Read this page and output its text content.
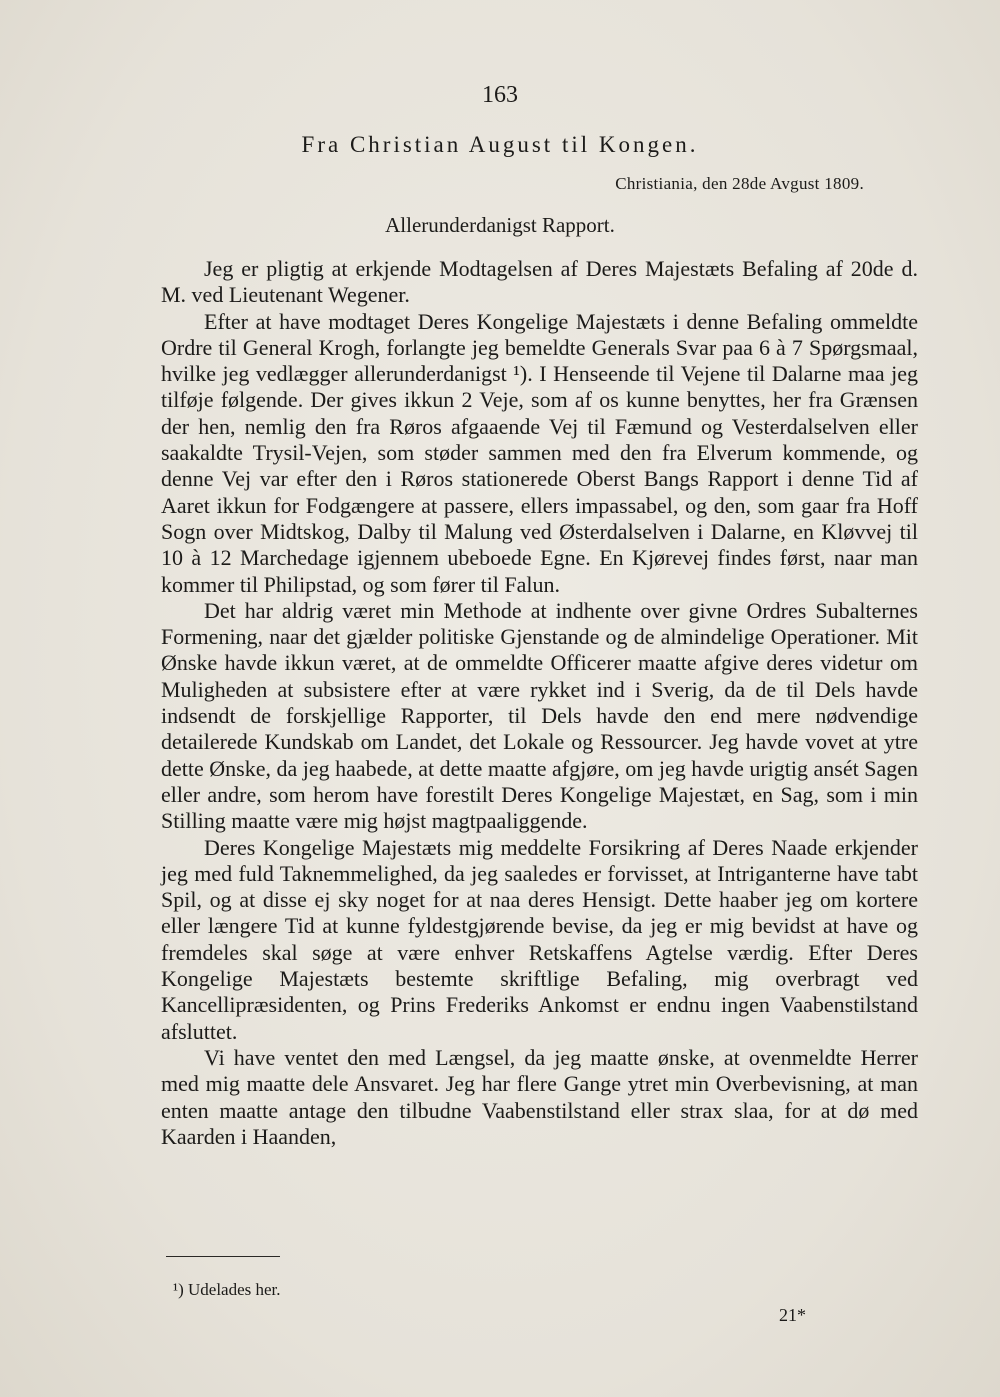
163
Fra Christian August til Kongen.
Christiania, den 28de Avgust 1809.
Allerunderdanigst Rapport.

Jeg er pligtig at erkjende Modtagelsen af Deres Majestæts Befaling af 20de d. M. ved Lieutenant Wegener.

Efter at have modtaget Deres Kongelige Majestæts i denne Befaling ommeldte Ordre til General Krogh, forlangte jeg bemeldte Generals Svar paa 6 à 7 Spørgsmaal, hvilke jeg vedlægger allerunderdanigst ¹). I Henseende til Vejene til Dalarne maa jeg tilføje følgende. Der gives ikkun 2 Veje, som af os kunne benyttes, her fra Grænsen der hen, nemlig den fra Røros afgaaende Vej til Fæmund og Vesterdalselven eller saakaldte Trysil-Vejen, som støder sammen med den fra Elverum kommende, og denne Vej var efter den i Røros stationerede Oberst Bangs Rapport i denne Tid af Aaret ikkun for Fodgængere at passere, ellers impassabel, og den, som gaar fra Hoff Sogn over Midtskog, Dalby til Malung ved Østerdalselven i Dalarne, en Kløvvej til 10 à 12 Marchedage igjennem ubeboede Egne. En Kjørevej findes først, naar man kommer til Philipstad, og som fører til Falun.

Det har aldrig været min Methode at indhente over givne Ordres Subalternes Formening, naar det gjælder politiske Gjenstande og de almindelige Operationer. Mit Ønske havde ikkun været, at de ommeldte Officerer maatte afgive deres videtur om Muligheden at subsistere efter at være rykket ind i Sverig, da de til Dels havde indsendt de forskjellige Rapporter, til Dels havde den end mere nødvendige detailerede Kundskab om Landet, det Lokale og Ressourcer. Jeg havde vovet at ytre dette Ønske, da jeg haabede, at dette maatte afgjøre, om jeg havde urigtig ansét Sagen eller andre, som herom have forestilt Deres Kongelige Majestæt, en Sag, som i min Stilling maatte være mig højst magtpaaliggende.

Deres Kongelige Majestæts mig meddelte Forsikring af Deres Naade erkjender jeg med fuld Taknemmelighed, da jeg saaledes er forvisset, at Intriganterne have tabt Spil, og at disse ej sky noget for at naa deres Hensigt. Dette haaber jeg om kortere eller længere Tid at kunne fyldestgjørende bevise, da jeg er mig bevidst at have og fremdeles skal søge at være enhver Retskaffens Agtelse værdig. Efter Deres Kongelige Majestæts bestemte skriftlige Befaling, mig overbragt ved Kancellipræsidenten, og Prins Frederiks Ankomst er endnu ingen Vaabenstilstand afsluttet.

Vi have ventet den med Længsel, da jeg maatte ønske, at ovenmeldte Herrer med mig maatte dele Ansvaret. Jeg har flere Gange ytret min Overbevisning, at man enten maatte antage den tilbudne Vaabenstilstand eller strax slaa, for at dø med Kaarden i Haanden,

¹) Udelades her.
21*
